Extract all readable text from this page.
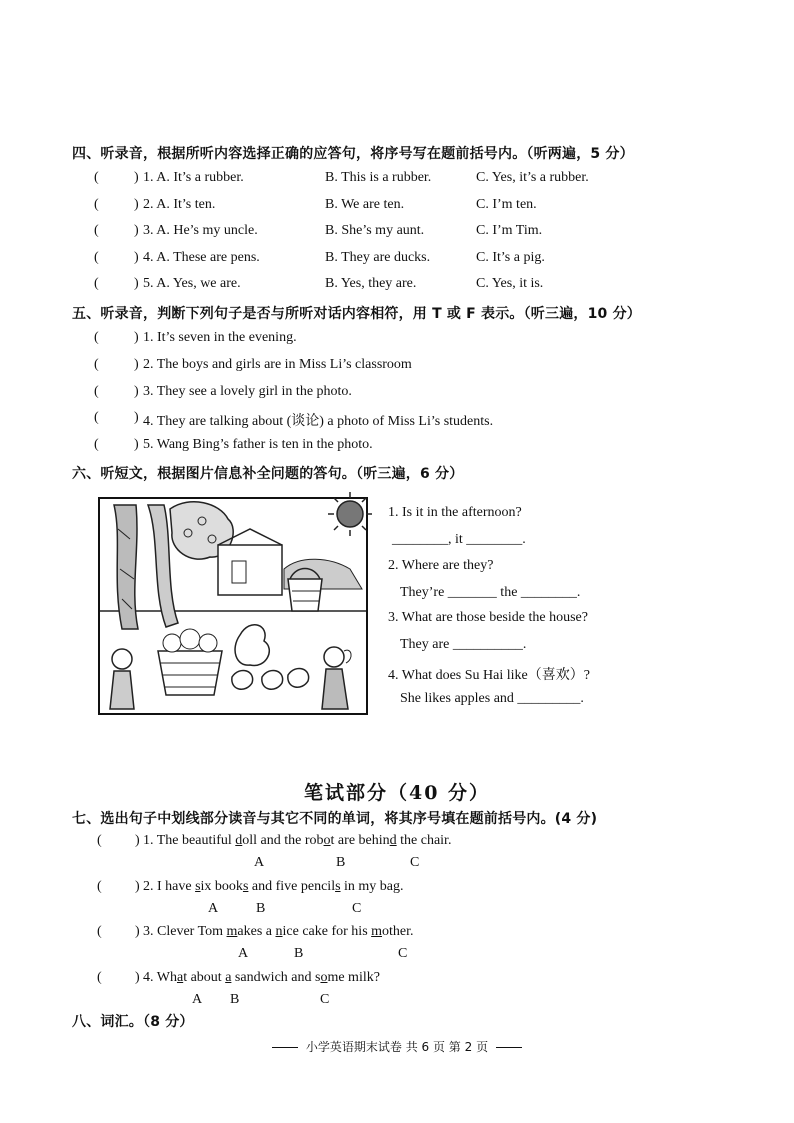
四、听录音，根据所听内容选择正确的应答句，将序号写在题前括号内。（听两遍，5 分）
(	) 1. A. It’s a rubber.	B. This is a rubber.	C. Yes, it’s a rubber.
(	) 2. A. It’s ten.	B. We are ten.	C. I’m ten.
(	) 3. A. He’s my uncle.	B. She’s my aunt.	C. I’m Tim.
(	) 4. A. These are pens.	B. They are ducks.	C. It’s a pig.
(	) 5. A. Yes, we are.	B. Yes, they are.	C. Yes, it is.
五、听录音，判断下列句子是否与所听对话内容相符，用 T 或 F 表示。（听三遍，10 分）
(	) 1. It’s seven in the evening.
(	) 2. The boys and girls are in Miss Li’s classroom
(	) 3. They see a lovely girl in the photo.
(	) 4. They are talking about (谈论) a photo of Miss Li’s students.
(	) 5. Wang Bing’s father is ten in the photo.
六、听短文，根据图片信息补全问题的答句。（听三遍，6 分）
1. Is it in the afternoon?
________, it ________.
2. Where are they?
They’re _______ the ________.
3. What are those beside the house?
They are __________.
4. What does Su Hai like（喜欢）?
She likes apples and _________.
笔试部分（40 分）
七、选出句子中划线部分读音与其它不同的单词，将其序号填在题前括号内。(4 分)
( ) 1. The beautiful doll and the robot are behind the chair.
A	B	C
( ) 2. I have six books and five pencils in my bag.
A	B	C
( ) 3. Clever Tom makes a nice cake for his mother.
A	B	C
( ) 4. What about a sandwich and some milk?
A B	C
八、词汇。（8 分）
小学英语期末试卷 共 6 页 第 2 页
